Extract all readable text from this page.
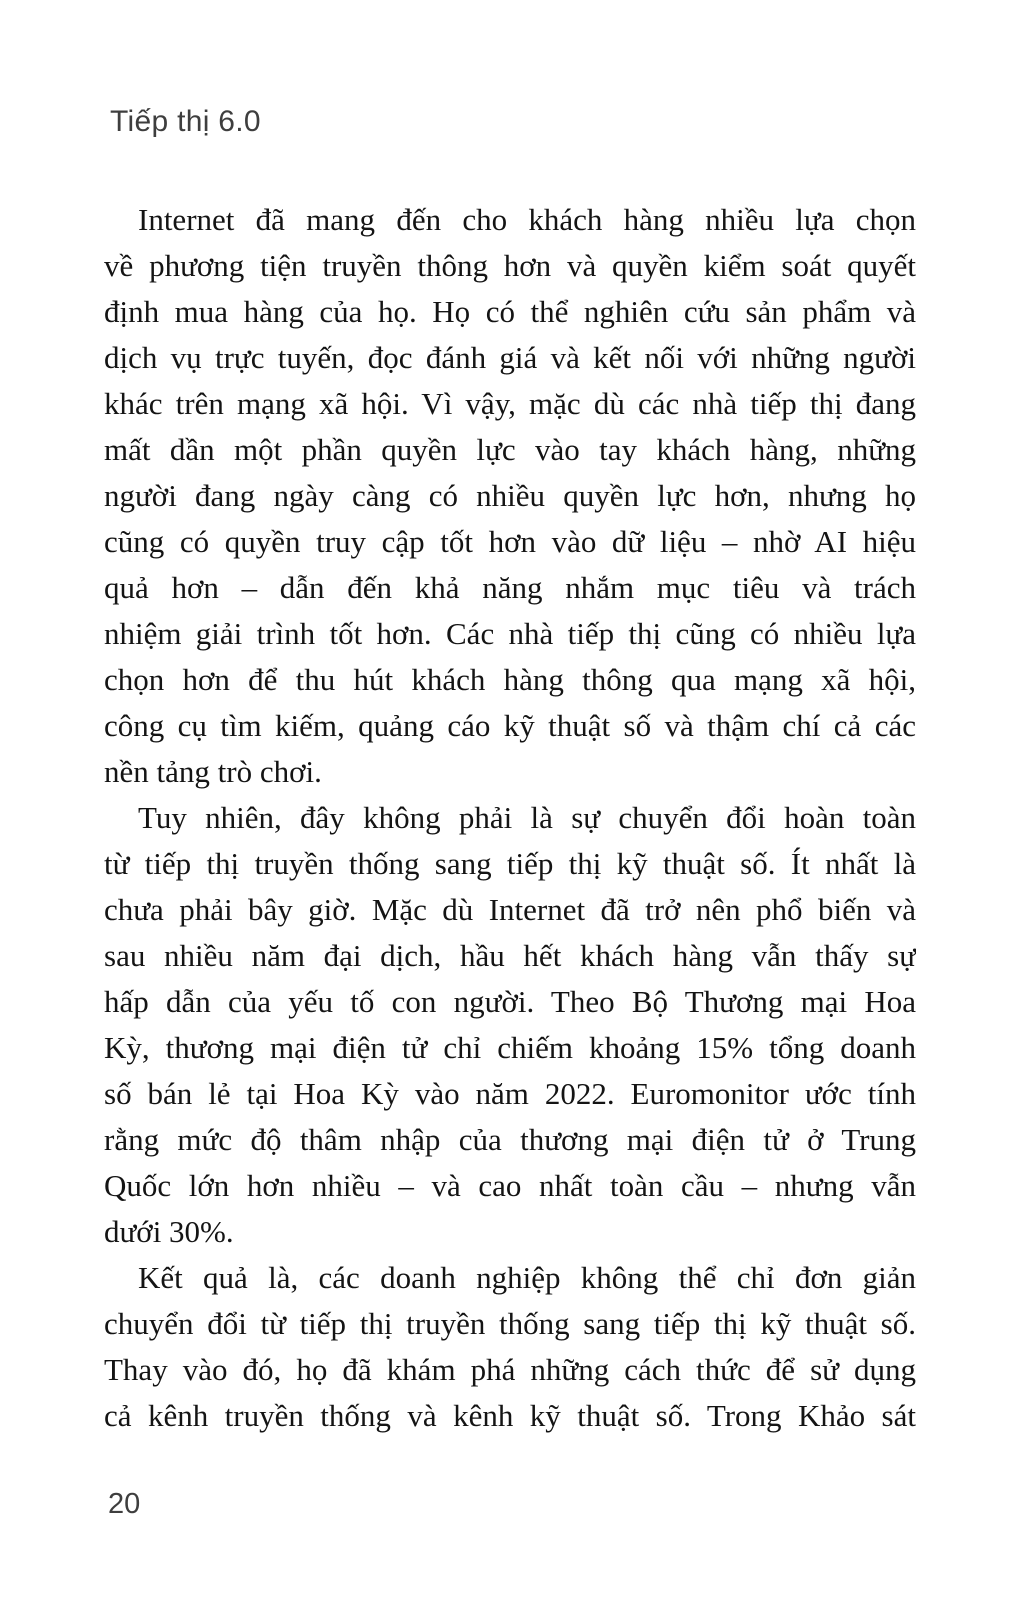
Tiếp thị 6.0
Internet đã mang đến cho khách hàng nhiều lựa chọn
về phương tiện truyền thông hơn và quyền kiểm soát quyết
định mua hàng của họ. Họ có thể nghiên cứu sản phẩm và
dịch vụ trực tuyến, đọc đánh giá và kết nối với những người
khác trên mạng xã hội. Vì vậy, mặc dù các nhà tiếp thị đang
mất dần một phần quyền lực vào tay khách hàng, những
người đang ngày càng có nhiều quyền lực hơn, nhưng họ
cũng có quyền truy cập tốt hơn vào dữ liệu – nhờ AI hiệu
quả hơn – dẫn đến khả năng nhắm mục tiêu và trách
nhiệm giải trình tốt hơn. Các nhà tiếp thị cũng có nhiều lựa
chọn hơn để thu hút khách hàng thông qua mạng xã hội,
công cụ tìm kiếm, quảng cáo kỹ thuật số và thậm chí cả các
nền tảng trò chơi.
Tuy nhiên, đây không phải là sự chuyển đổi hoàn toàn
từ tiếp thị truyền thống sang tiếp thị kỹ thuật số. Ít nhất là
chưa phải bây giờ. Mặc dù Internet đã trở nên phổ biến và
sau nhiều năm đại dịch, hầu hết khách hàng vẫn thấy sự
hấp dẫn của yếu tố con người. Theo Bộ Thương mại Hoa
Kỳ, thương mại điện tử chỉ chiếm khoảng 15% tổng doanh
số bán lẻ tại Hoa Kỳ vào năm 2022. Euromonitor ước tính
rằng mức độ thâm nhập của thương mại điện tử ở Trung
Quốc lớn hơn nhiều – và cao nhất toàn cầu – nhưng vẫn
dưới 30%.
Kết quả là, các doanh nghiệp không thể chỉ đơn giản
chuyển đổi từ tiếp thị truyền thống sang tiếp thị kỹ thuật số.
Thay vào đó, họ đã khám phá những cách thức để sử dụng
cả kênh truyền thống và kênh kỹ thuật số. Trong Khảo sát
20
